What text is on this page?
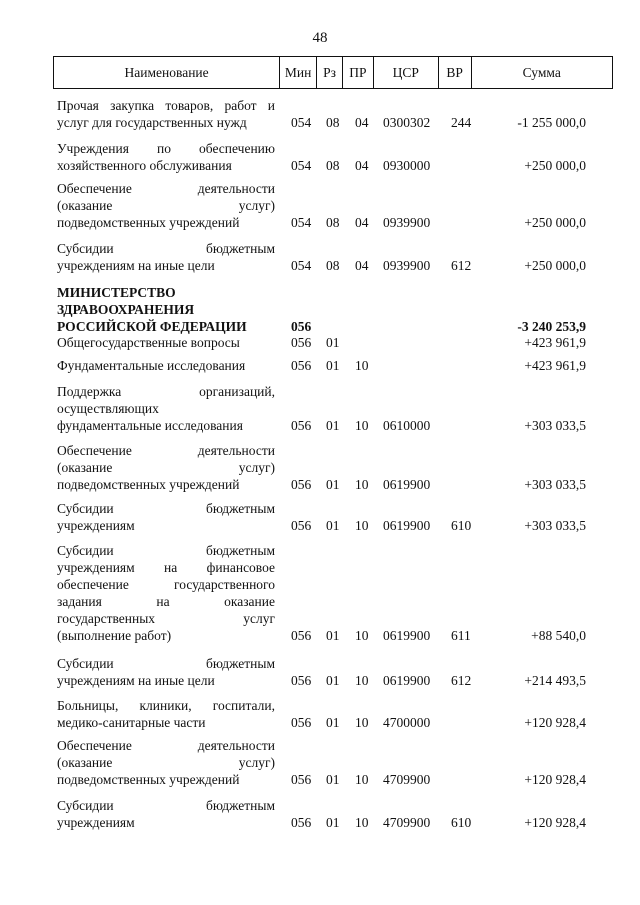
48
Наименование	Мин Рз ПР	ЦСР	ВР	Сумма
Прочая закупка товаров, работ и
услуг для государственных нужд	054 08 04 0300302 244	-1 255 000,0
Учреждения по обеспечению
хозяйственного обслуживания	054 08 04 0930000	+250 000,0
Обеспечение деятельности
(оказание услуг)
подведомственных учреждений	054 08 04 0939900	+250 000,0
Субсидии бюджетным
учреждениям на иные цели	054 08 04 0939900 612	+250 000,0
МИНИСТЕРСТВО
ЗДРАВООХРАНЕНИЯ
РОССИЙСКОЙ ФЕДЕРАЦИИ	056	-3 240 253,9
Общегосударственные вопросы	056 01	+423 961,9
Фундаментальные исследования	056 01 10	+423 961,9
Поддержка организаций,
осуществляющих
фундаментальные исследования	056 01 10 0610000	+303 033,5
Обеспечение деятельности
(оказание услуг)
подведомственных учреждений	056 01 10 0619900	+303 033,5
Субсидии бюджетным
учреждениям	056 01 10 0619900 610	+303 033,5
Субсидии бюджетным
учреждениям на финансовое
обеспечение государственного
задания на оказание
государственных услуг
(выполнение работ)	056 01 10 0619900 611	+88 540,0
Субсидии бюджетным
учреждениям на иные цели	056 01 10 0619900 612	+214 493,5
Больницы, клиники, госпитали,
медико-санитарные части	056 01 10 4700000	+120 928,4
Обеспечение деятельности
(оказание услуг)
подведомственных учреждений	056 01 10 4709900	+120 928,4
Субсидии бюджетным
учреждениям	056 01 10 4709900 610	+120 928,4
